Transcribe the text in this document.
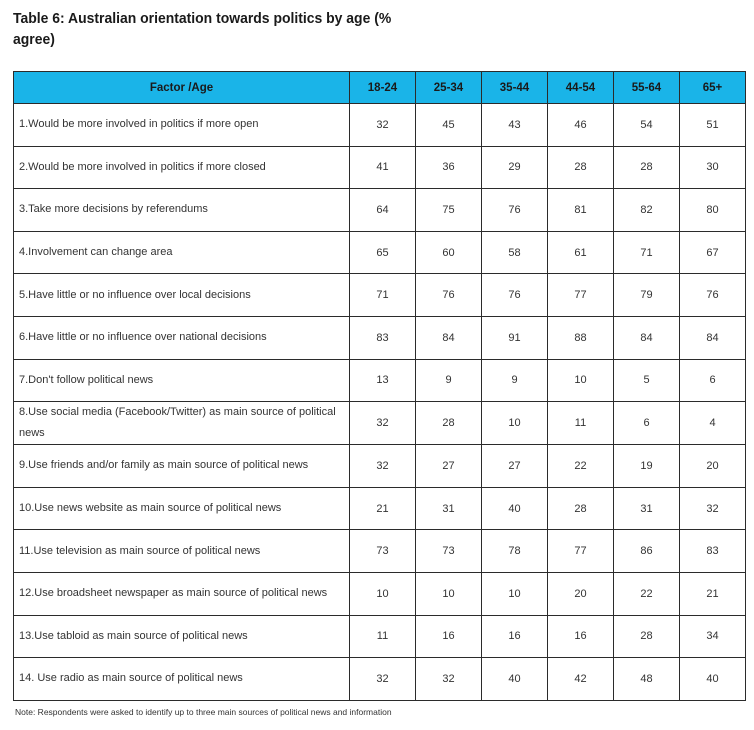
Table 6: Australian orientation towards politics by age (% agree)
Factor /Age	18-24	25-34	35-44	44-54	55-64	65+
1.Would be more involved in politics if more open	32	45	43	46	54	51
2.Would be more involved in politics if more closed	41	36	29	28	28	30
3.Take more decisions by referendums	64	75	76	81	82	80
4.Involvement can change area	65	60	58	61	71	67
5.Have little or no influence over local decisions	71	76	76	77	79	76
6.Have little or no influence over national decisions	83	84	91	88	84	84
7.Don't follow political news	13	9	9	10	5	6
8.Use social media (Facebook/Twitter) as main source of political news	32	28	10	11	6	4
9.Use friends and/or family as main source of political news	32	27	27	22	19	20
10.Use news website as main source of political news	21	31	40	28	31	32
11.Use television as main source of political news	73	73	78	77	86	83
12.Use broadsheet newspaper as main source of political news	10	10	10	20	22	21
13.Use tabloid as main source of political news	11	16	16	16	28	34
14. Use radio as main source of political news	32	32	40	42	48	40
Note: Respondents were asked to identify up to three main sources of political news and information
